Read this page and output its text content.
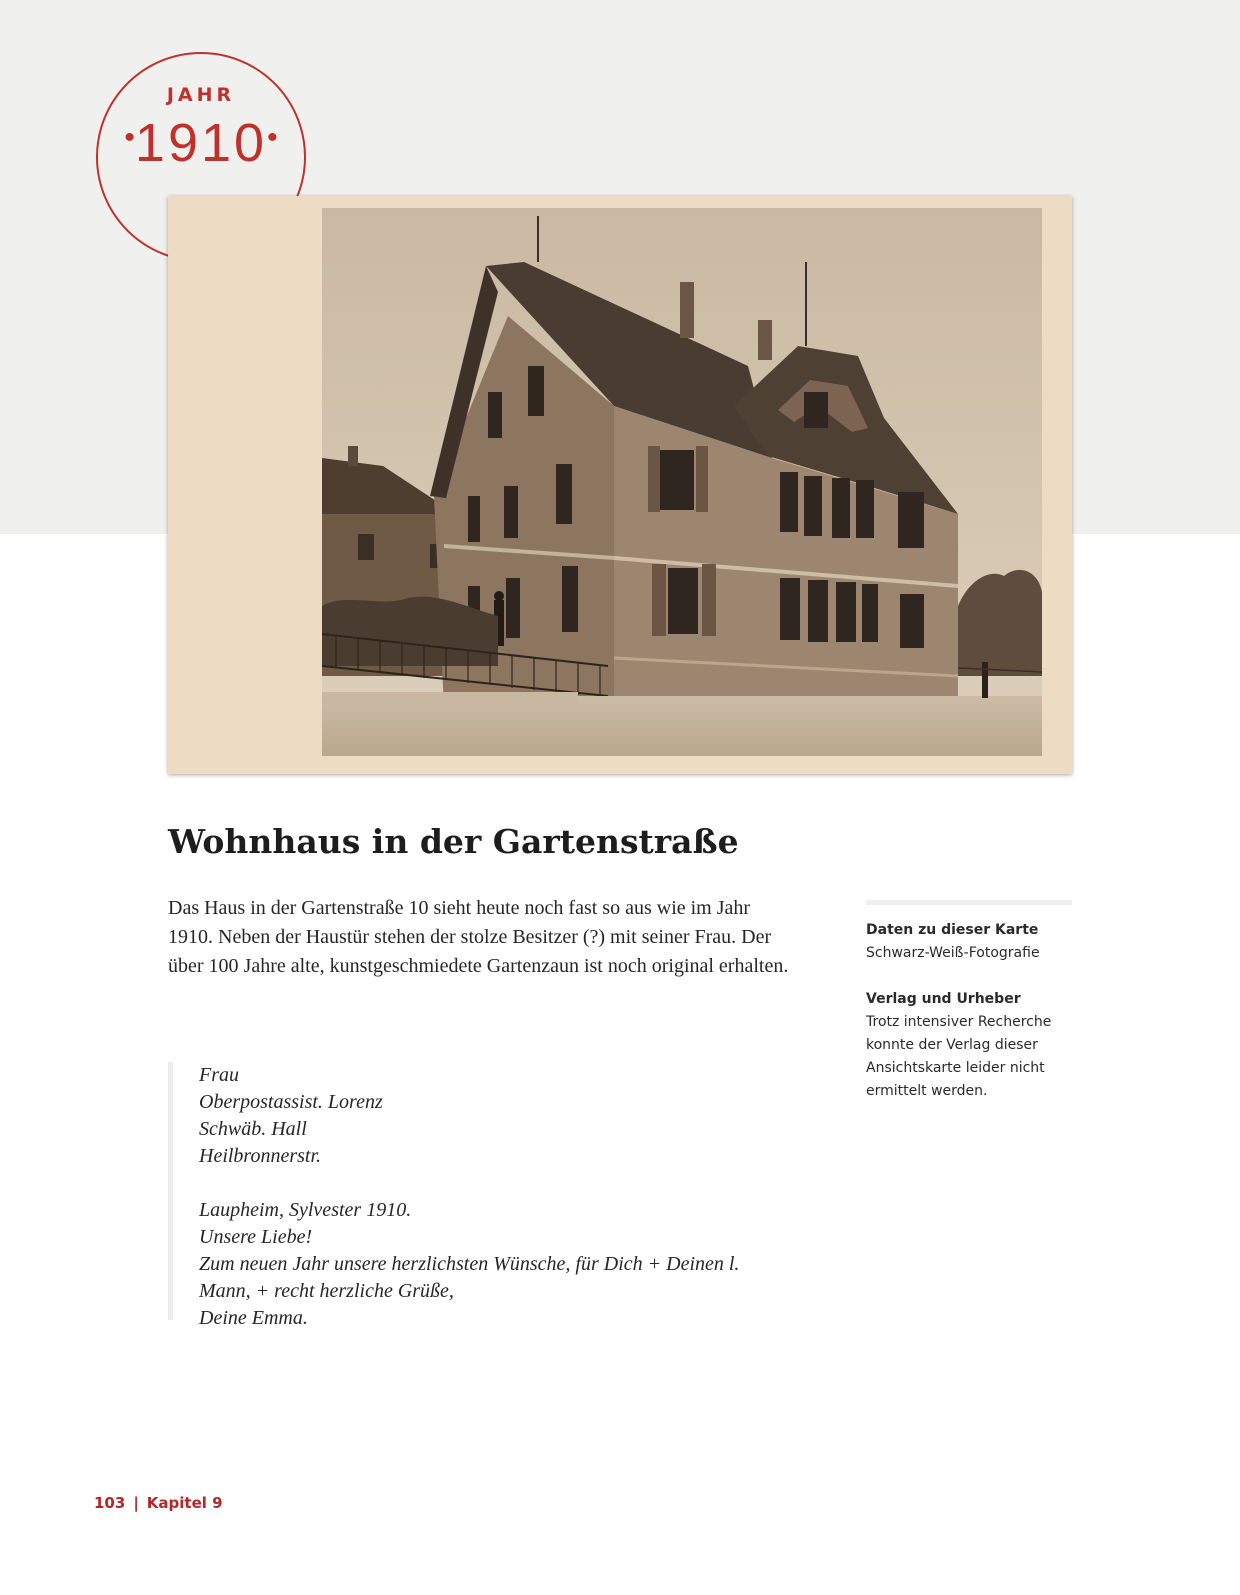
JAHR
•1910•
Wohnhaus in der Gartenstraße

Das Haus in der Gartenstraße 10 sieht heute noch fast so aus wie im Jahr 1910. Neben der Haustür stehen der stolze Besitzer (?) mit seiner Frau. Der über 100 Jahre alte, kunstgeschmiedete Gartenzaun ist noch original erhalten.

Frau
Oberpostassist. Lorenz
Schwäb. Hall
Heilbronnerstr.
Laupheim, Sylvester 1910.
Unsere Liebe!
Zum neuen Jahr unsere herzlichsten Wünsche, für Dich + Deinen l.
Mann, + recht herzliche Grüße,
Deine Emma.
Daten zu dieser Karte
Schwarz-Weiß-Fotografie
Verlag und Urheber
Trotz intensiver Recherche konnte der Verlag dieser Ansichtskarte leider nicht ermittelt werden.
103 | Kapitel 9
